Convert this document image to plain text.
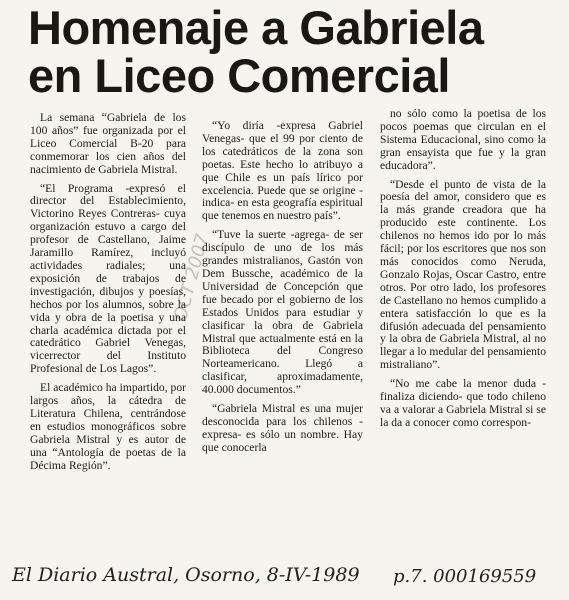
Homenaje a Gabriela
en Liceo Comercial

La semana “Gabriela de los 100 años” fue organizada por el Liceo Comercial B-20 para conmemorar los cien años del nacimiento de Gabriela Mistral.

“El Programa -expresó el director del Establecimiento, Victorino Reyes Contreras- cuya organización estuvo a cargo del profesor de Castellano, Jaime Jaramillo Ramírez, incluyó actividades radiales; una exposición de trabajos de investigación, dibujos y poesías, hechos por los alumnos, sobre la vida y obra de la poetisa y una charla académica dictada por el catedrático Gabriel Venegas, vicerrector del Instituto Profesional de Los Lagos”.

El académico ha impartido, por largos años, la cátedra de Literatura Chilena, centrándose en estudios monográficos sobre Gabriela Mistral y es autor de una “Antología de poetas de la Décima Región”.

“Yo diría -expresa Gabriel Venegas- que el 99 por ciento de los catedráticos de la zona son poetas. Este hecho lo atribuyo a que Chile es un país lírico por excelencia. Puede que se origine -indica- en esta geografía espiritual que tenemos en nuestro país”.

“Tuve la suerte -agrega- de ser discípulo de uno de los más grandes mistralianos, Gastón von Dem Bussche, académico de la Universidad de Concepción que fue becado por el gobierno de los Estados Unidos para estudiar y clasificar la obra de Gabriela Mistral que actualmente está en la Biblioteca del Congreso Norteamericano. Llegó a clasificar, aproximadamente, 40.000 documentos.”

“Gabriela Mistral es una mujer desconocida para los chilenos -expresa- es sólo un nombre. Hay que conocerla

no sólo como la poetisa de los pocos poemas que circulan en el Sistema Educacional, sino como la gran ensayista que fue y la gran educadora”.

“Desde el punto de vista de la poesía del amor, considero que es la más grande creadora que ha producido este continente. Los chilenos no hemos ido por lo más fácil; por los escritores que nos son más conocidos como Neruda, Gonzalo Rojas, Oscar Castro, entre otros. Por otro lado, los profesores de Castellano no hemos cumplido a entera satisfacción lo que es la difusión adecuada del pensamiento y la obra de Gabriela Mistral, al no llegar a lo medular del pensamiento mistraliano”.

“No me cabe la menor duda -finaliza diciendo- que todo chileno va a valorar a Gabriela Mistral si se la da a conocer como correspon-

OCT 2007
El Diario Austral, Osorno, 8-IV-1989	p.7. 000169559
